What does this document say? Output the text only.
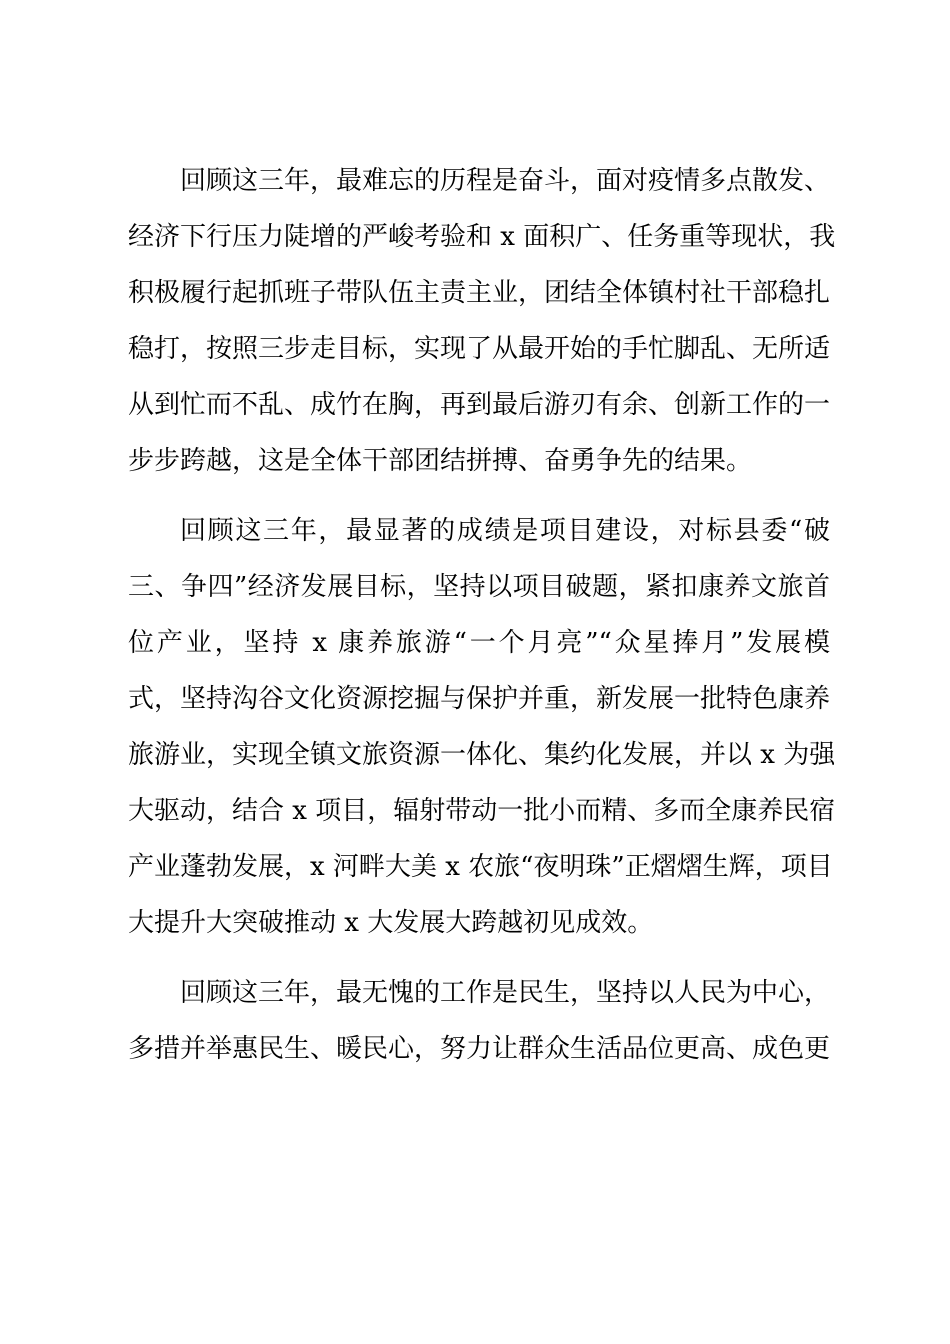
回顾这三年，最难忘的历程是奋斗，面对疫情多点散发、
经济下行压力陡增的严峻考验和 x 面积广、任务重等现状，我
积极履行起抓班子带队伍主责主业，团结全体镇村社干部稳扎
稳打，按照三步走目标，实现了从最开始的手忙脚乱、无所适
从到忙而不乱、成竹在胸，再到最后游刃有余、创新工作的一
步步跨越，这是全体干部团结拼搏、奋勇争先的结果。
回顾这三年，最显著的成绩是项目建设，对标县委“破
三、争四”经济发展目标，坚持以项目破题，紧扣康养文旅首
位产业，坚持 x 康养旅游“一个月亮”“众星捧月”发展模
式，坚持沟谷文化资源挖掘与保护并重，新发展一批特色康养
旅游业，实现全镇文旅资源一体化、集约化发展，并以 x 为强
大驱动，结合 x 项目，辐射带动一批小而精、多而全康养民宿
产业蓬勃发展，x 河畔大美 x 农旅“夜明珠”正熠熠生辉，项目
大提升大突破推动 x 大发展大跨越初见成效。
回顾这三年，最无愧的工作是民生，坚持以人民为中心，
多措并举惠民生、暖民心，努力让群众生活品位更高、成色更
